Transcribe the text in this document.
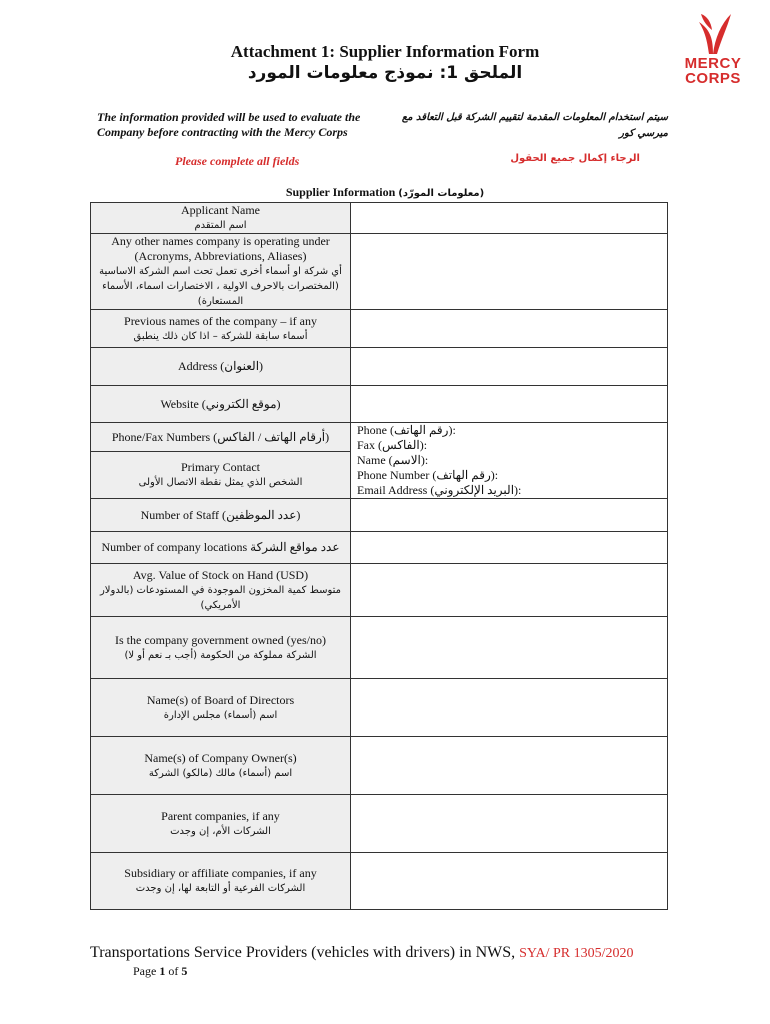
MERCY
CORPS
Attachment 1: Supplier Information Form
الملحق 1: نموذج معلومات المورد
The information provided will be used to evaluate the Company before contracting with the Mercy Corps
سيتم استخدام المعلومات المقدمة لتقييم الشركة قبل التعاقد مع ميرسي كور
Please complete all fields	الرجاء إكمال جميع الحقول
Supplier Information (معلومات المورّد)
Applicant Name
اسم المتقدم	

Any other names company is operating under (Acronyms, Abbreviations, Aliases)
أي شركة او أسماء أخرى تعمل تحت اسم الشركة الاساسية (المختصرات بالاحرف الاولية ، الاختصارات اسماء، الأسماء المستعارة)	

Previous names of the company – if any
أسماء سابقة للشركة – اذا كان ذلك ينطبق	

Address (العنوان)	

Website (موقع الكتروني)	

Phone/Fax Numbers (أرقام الهاتف / الفاكس)	Phone (رقم الهاتف):
Fax (الفاكس):
Name (الاسم):
Phone Number (رقم الهاتف):
Email Address (البريد الإلكتروني):

Primary Contact
الشخص الذي يمثل نقطة الاتصال الأولى	

Number of Staff (عدد الموظفين)	

Number of company locations عدد مواقع الشركة	

Avg. Value of Stock on Hand (USD)
متوسط كمية المخزون الموجودة في المستودعات (بالدولار الأمريكي)	

Is the company government owned (yes/no)
الشركة مملوكة من الحكومة (أجب بـ نعم أو لا)	

Name(s) of Board of Directors
اسم (أسماء) مجلس الإدارة	

Name(s) of Company Owner(s)
اسم (أسماء) مالك (مالكو) الشركة	

Parent companies, if any
الشركات الأم، إن وجدت	

Subsidiary or affiliate companies, if any
الشركات الفرعية أو التابعة لها، إن وجدت	

Transportations Service Providers (vehicles with drivers) in NWS, SYA/ PR 1305/2020
Page 1 of 5
